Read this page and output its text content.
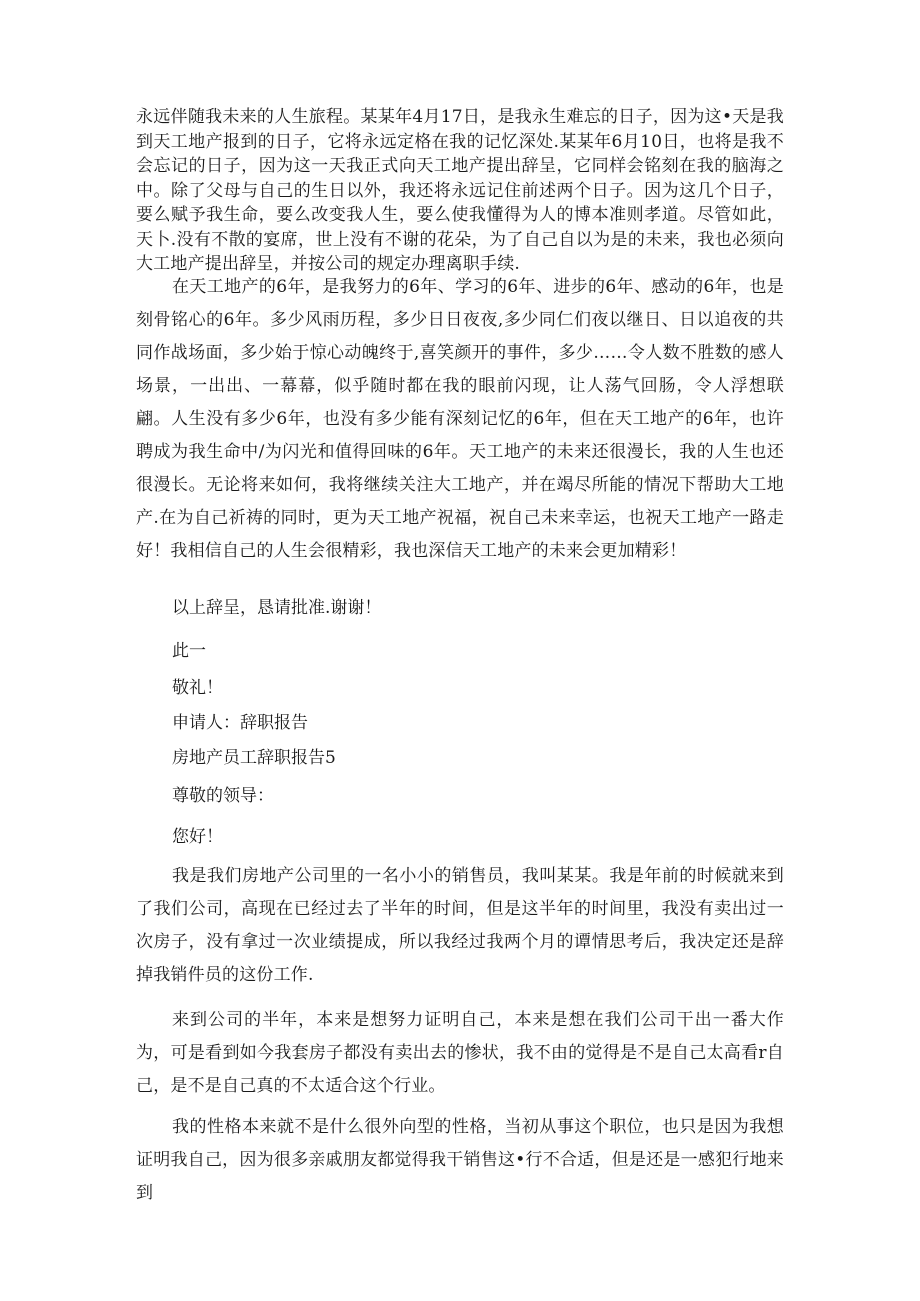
永远伴随我未来的人生旅程。某某年4月17日，是我永生难忘的日子，因为这•天是我到天工地产报到的日子，它将永远定格在我的记忆深处.某某年6月10日，也将是我不会忘记的日子，因为这一天我正式向天工地产提出辞呈，它同样会铭刻在我的脑海之中。除了父母与自己的生日以外，我还将永远记住前述两个日子。因为这几个日子，要么赋予我生命，要么改变我人生，要么使我懂得为人的博本准则孝道。尽管如此，天卜.没有不散的宴席，世上没有不谢的花朵，为了自己自以为是的未来，我也必须向大工地产提出辞呈，并按公司的规定办理离职手续.

在天工地产的6年，是我努力的6年、学习的6年、进步的6年、感动的6年，也是刻骨铭心的6年。多少风雨历程，多少日日夜夜,多少同仁们夜以继日、日以追夜的共同作战场面，多少始于惊心动魄终于,喜笑颜开的事件，多少……令人数不胜数的感人场景，一出出、一幕幕，似乎随时都在我的眼前闪现，让人荡气回肠，令人浮想联翩。人生没有多少6年，也没有多少能有深刻记忆的6年，但在天工地产的6年，也许聘成为我生命中/为闪光和值得回味的6年。天工地产的未来还很漫长，我的人生也还很漫长。无论将来如何，我将继续关注大工地产，并在竭尽所能的情况下帮助大工地产.在为自己祈祷的同时，更为天工地产祝福，祝自己未来幸运，也祝天工地产一路走好！我相信自己的人生会很精彩，我也深信天工地产的未来会更加精彩！

以上辞呈，恳请批准.谢谢！

此一

敬礼！

申请人：辞职报告

房地产员工辞职报告5

尊敬的领导：

您好！

我是我们房地产公司里的一名小小的销售员，我叫某某。我是年前的时候就来到了我们公司，高现在已经过去了半年的时间，但是这半年的时间里，我没有卖出过一次房子，没有拿过一次业绩提成，所以我经过我两个月的谭情思考后，我决定还是辞掉我销件员的这份工作.

来到公司的半年，本来是想努力证明自己，本来是想在我们公司干出一番大作为，可是看到如今我套房子都没有卖出去的惨状，我不由的觉得是不是自己太高看r自己，是不是自己真的不太适合这个行业。

我的性格本来就不是什么很外向型的性格，当初从事这个职位，也只是因为我想证明我自己，因为很多亲戚朋友都觉得我干销售这•行不合适，但是还是一感犯行地来到
